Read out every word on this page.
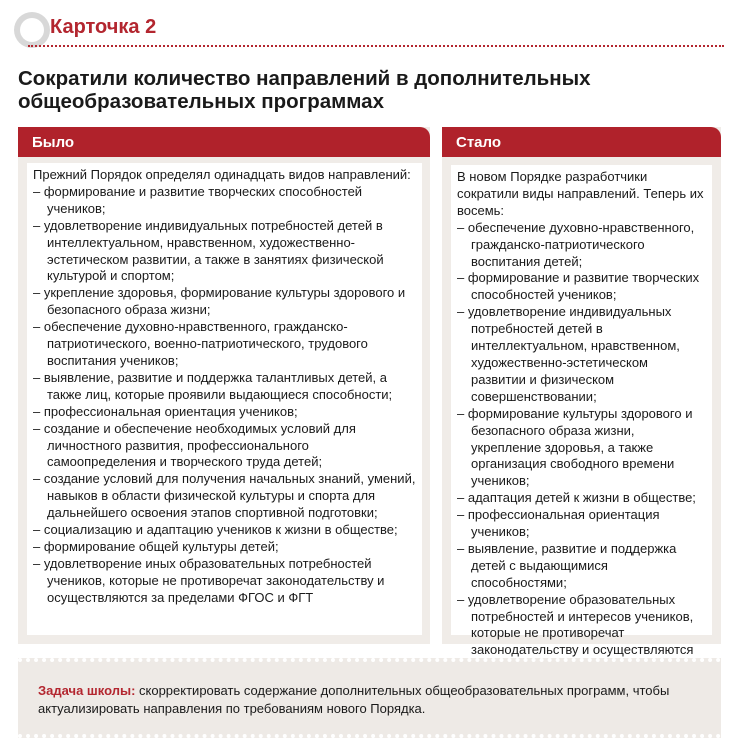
Карточка 2
Сократили количество направлений в дополнительных общеобразовательных программах
Было
Прежний Порядок определял одинадцать видов направлений:
– формирование и развитие творческих способностей учеников;
– удовлетворение индивидуальных потребностей детей в интеллектуальном, нравственном, художественно-эстетическом развитии, а также в занятиях физической культурой и спортом;
– укрепление здоровья, формирование культуры здорового и безопасного образа жизни;
– обеспечение духовно-нравственного, гражданско-патриотического, военно-патриотического, трудового воспитания учеников;
– выявление, развитие и поддержка талантливых детей, а также лиц, которые проявили выдающиеся способности;
– профессиональная ориентация учеников;
– создание и обеспечение необходимых условий для личностного развития, профессионального самоопределения и творческого труда детей;
– создание условий для получения начальных знаний, умений, навыков в области физической культуры и спорта для дальнейшего освоения этапов спортивной подготовки;
– социализацию и адаптацию учеников к жизни в обществе;
– формирование общей культуры детей;
– удовлетворение иных образовательных потребностей учеников, которые не противоречат законодательству и осуществляются за пределами ФГОС и ФГТ
Стало
В новом Порядке разработчики сократили виды направлений. Теперь их восемь:
– обеспечение духовно-нравственного, гражданско-патриотического воспитания детей;
– формирование и развитие творческих способностей учеников;
– удовлетворение индивидуальных потребностей детей в интеллектуальном, нравственном, художественно-эстетическом развитии и физическом совершенствовании;
– формирование культуры здорового и безопасного образа жизни, укрепление здоровья, а также организация свободного времени учеников;
– адаптация детей к жизни в обществе;
– профессиональная ориентация учеников;
– выявление, развитие и поддержка детей с выдающимися способностями;
– удовлетворение образовательных потребностей и интересов учеников, которые не противоречат законодательству и осуществляются
Задача школы: скорректировать содержание дополнительных общеобразовательных программ, чтобы актуализировать направления по требованиям нового Порядка.
